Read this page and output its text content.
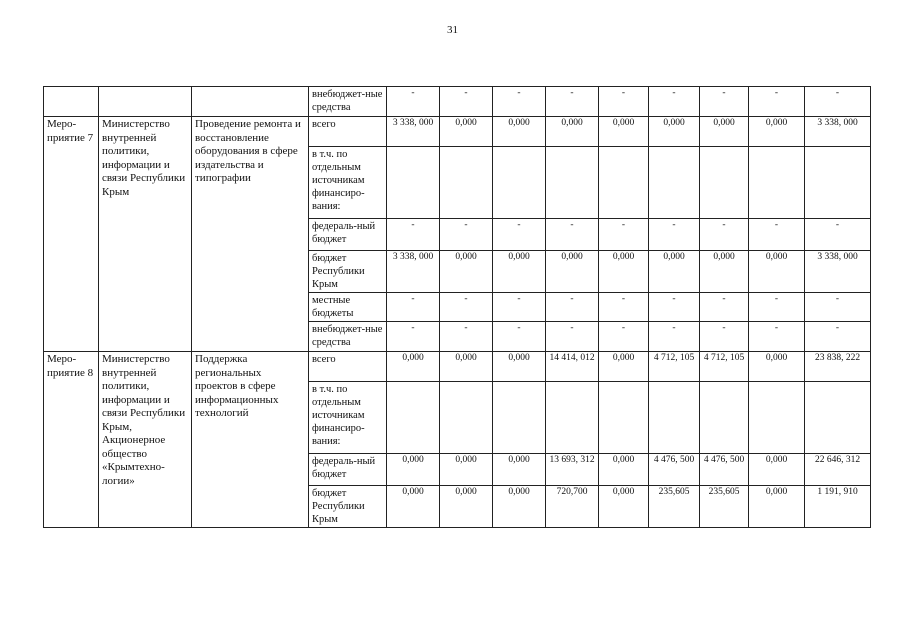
31
			внебюджет-ные средства	-	-	-	-	-	-	-	-	-
Меро-приятие 7	Министерство внутренней политики, информации и связи Республики Крым	Проведение ремонта и восстановление оборудования в сфере издательства и типографии	всего	3 338, 000	0,000	0,000	0,000	0,000	0,000	0,000	0,000	3 338, 000
			в т.ч. по отдельным источникам финансиро-вания:									
			федераль-ный бюджет	-	-	-	-	-	-	-	-	-
			бюджет Республики Крым	3 338, 000	0,000	0,000	0,000	0,000	0,000	0,000	0,000	3 338, 000
			местные бюджеты	-	-	-	-	-	-	-	-	-
			внебюджет-ные средства	-	-	-	-	-	-	-	-	-
Меро-приятие 8	Министерство внутренней политики, информации и связи Республики Крым, Акционерное общество «Крымтехно-логии»	Поддержка региональных проектов в сфере информационных технологий	всего	0,000	0,000	0,000	14 414, 012	0,000	4 712, 105	4 712, 105	0,000	23 838, 222
			в т.ч. по отдельным источникам финансиро-вания:									
			федераль-ный бюджет	0,000	0,000	0,000	13 693, 312	0,000	4 476, 500	4 476, 500	0,000	22 646, 312
			бюджет Республики Крым	0,000	0,000	0,000	720,700	0,000	235,605	235,605	0,000	1 191, 910
